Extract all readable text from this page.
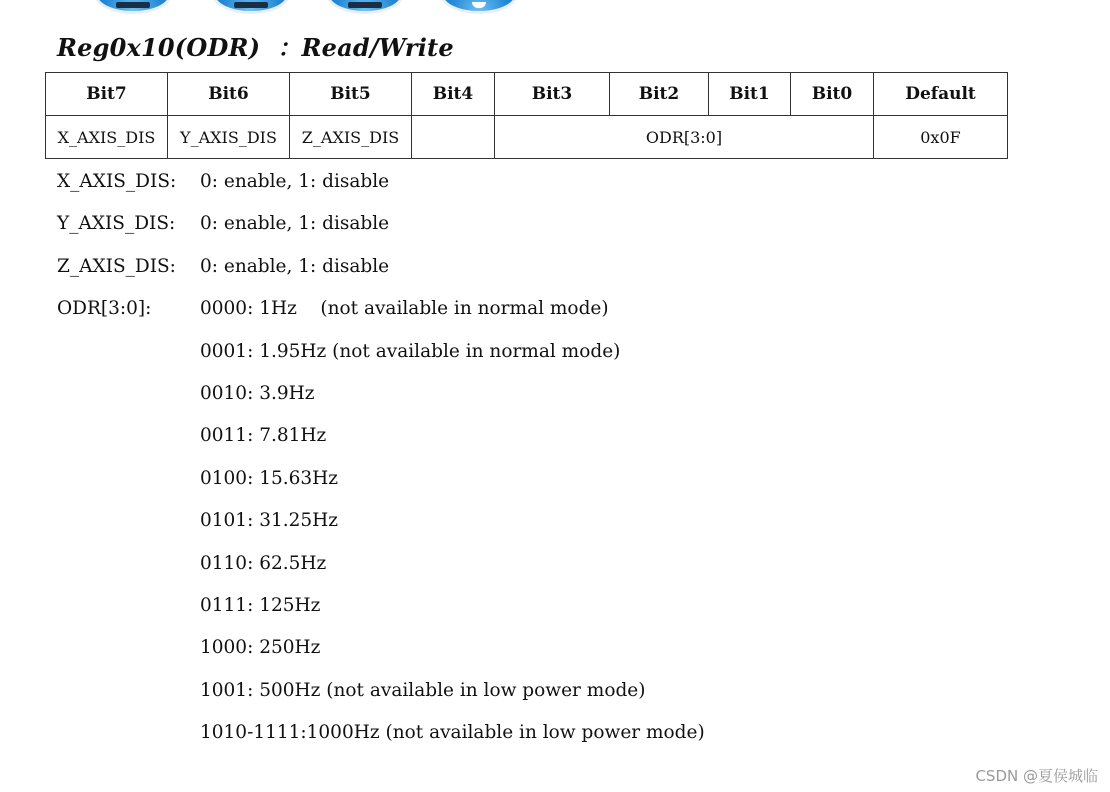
Reg0x10(ODR)  ：Read/Write
Bit7	Bit6	Bit5	Bit4	Bit3	Bit2	Bit1	Bit0	Default
X_AXIS_DIS	Y_AXIS_DIS	Z_AXIS_DIS		ODR[3:0]				0x0F
X_AXIS_DIS: 0: enable, 1: disable
Y_AXIS_DIS: 0: enable, 1: disable
Z_AXIS_DIS: 0: enable, 1: disable
ODR[3:0]:	0000: 1Hz    (not available in normal mode)
0001: 1.95Hz (not available in normal mode)
0010: 3.9Hz
0011: 7.81Hz
0100: 15.63Hz
0101: 31.25Hz
0110: 62.5Hz
0111: 125Hz
1000: 250Hz
1001: 500Hz (not available in low power mode)
1010-1111:1000Hz (not available in low power mode)
CSDN @夏侯城临
